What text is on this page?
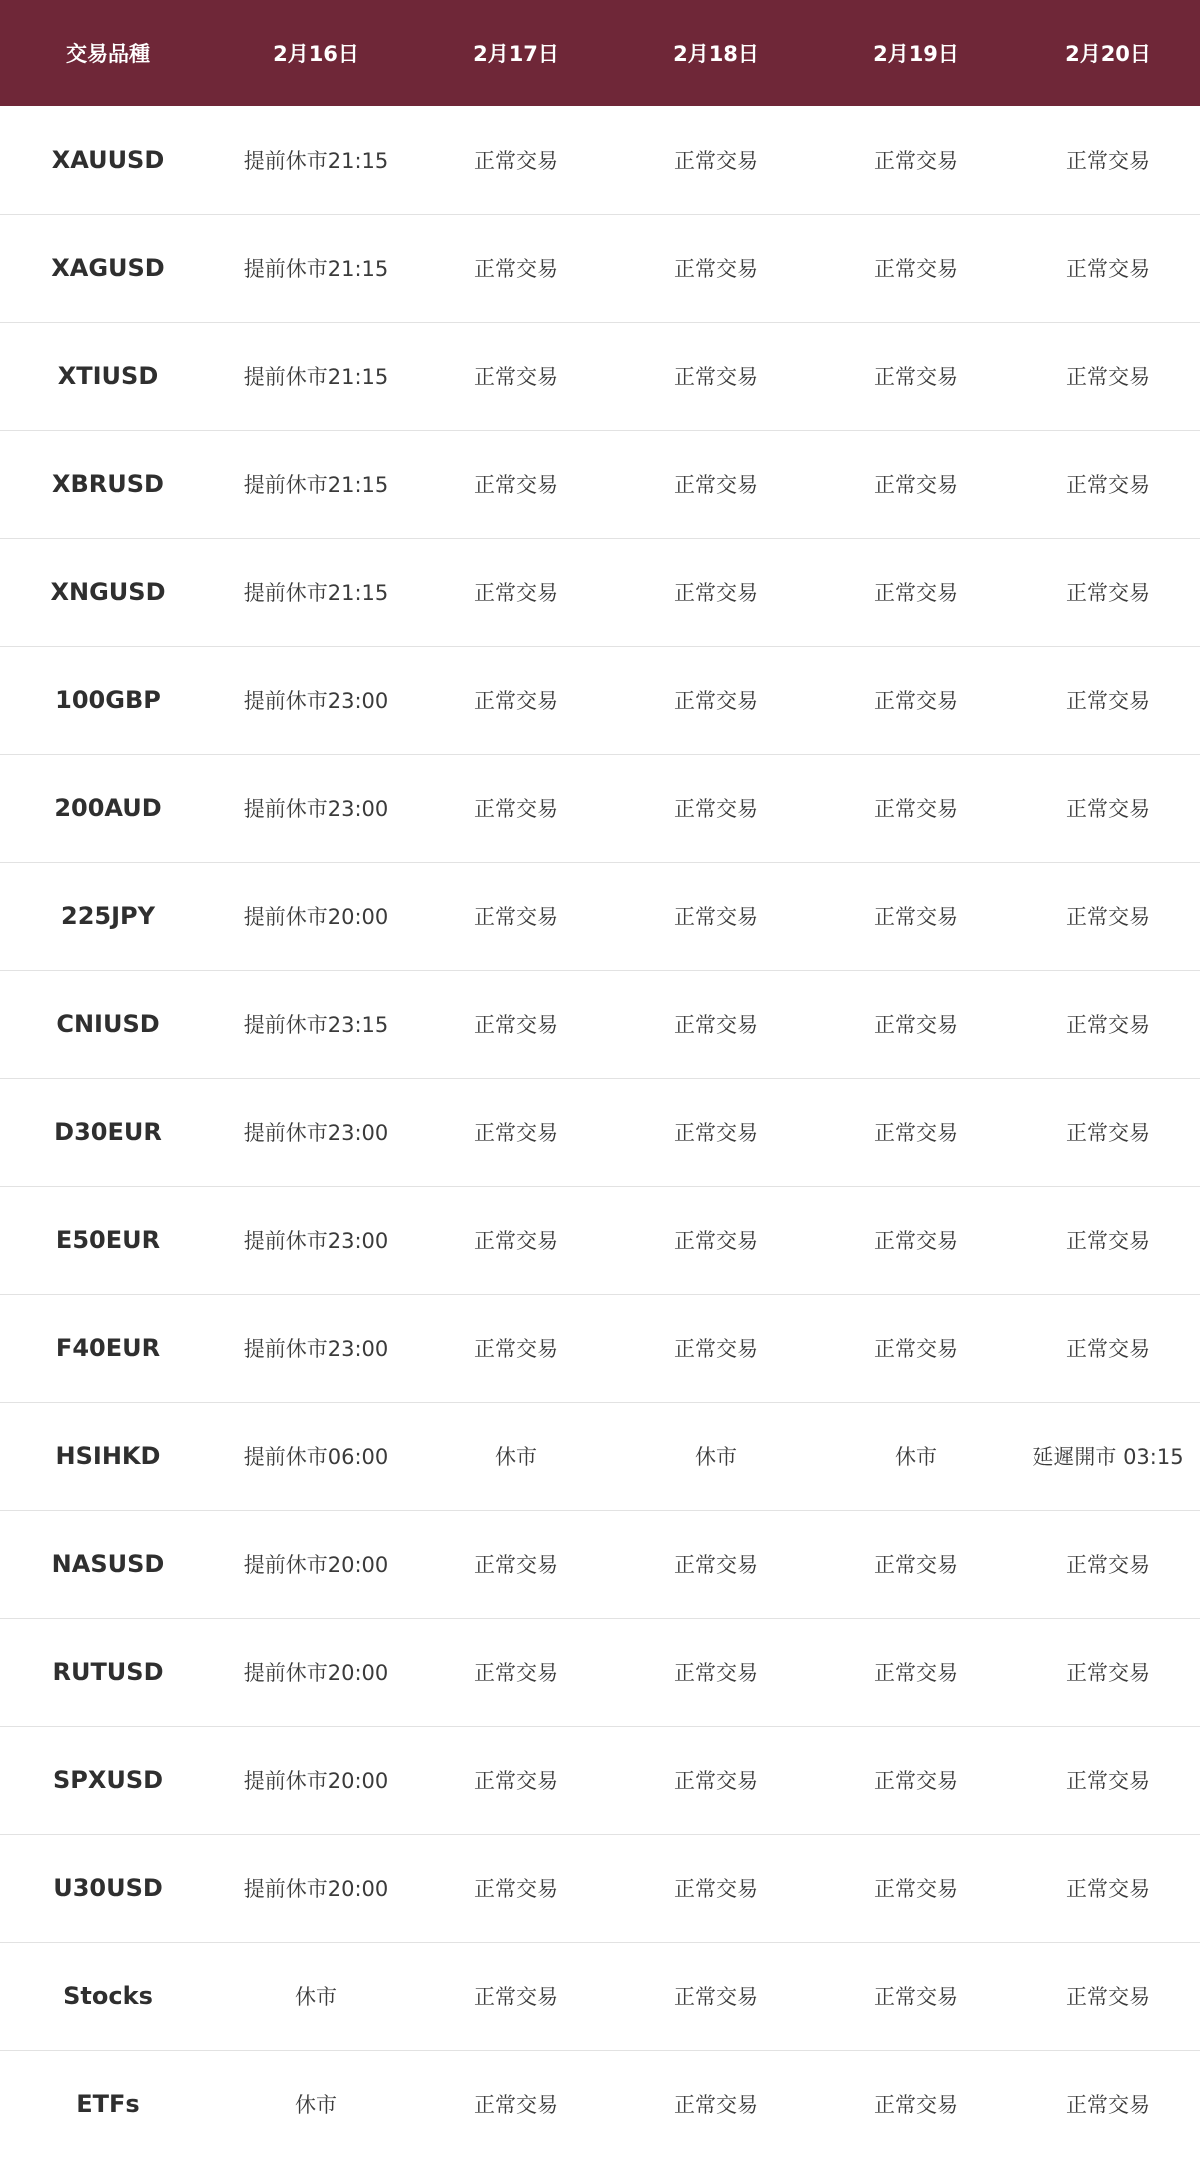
交易品種	2月16日	2月17日	2月18日	2月19日	2月20日
XAUUSD	提前休市21:15	正常交易	正常交易	正常交易	正常交易
XAGUSD	提前休市21:15	正常交易	正常交易	正常交易	正常交易
XTIUSD	提前休市21:15	正常交易	正常交易	正常交易	正常交易
XBRUSD	提前休市21:15	正常交易	正常交易	正常交易	正常交易
XNGUSD	提前休市21:15	正常交易	正常交易	正常交易	正常交易
100GBP	提前休市23:00	正常交易	正常交易	正常交易	正常交易
200AUD	提前休市23:00	正常交易	正常交易	正常交易	正常交易
225JPY	提前休市20:00	正常交易	正常交易	正常交易	正常交易
CNIUSD	提前休市23:15	正常交易	正常交易	正常交易	正常交易
D30EUR	提前休市23:00	正常交易	正常交易	正常交易	正常交易
E50EUR	提前休市23:00	正常交易	正常交易	正常交易	正常交易
F40EUR	提前休市23:00	正常交易	正常交易	正常交易	正常交易
HSIHKD	提前休市06:00	休市	休市	休市	延遲開市 03:15
NASUSD	提前休市20:00	正常交易	正常交易	正常交易	正常交易
RUTUSD	提前休市20:00	正常交易	正常交易	正常交易	正常交易
SPXUSD	提前休市20:00	正常交易	正常交易	正常交易	正常交易
U30USD	提前休市20:00	正常交易	正常交易	正常交易	正常交易
Stocks	休市	正常交易	正常交易	正常交易	正常交易
ETFs	休市	正常交易	正常交易	正常交易	正常交易
